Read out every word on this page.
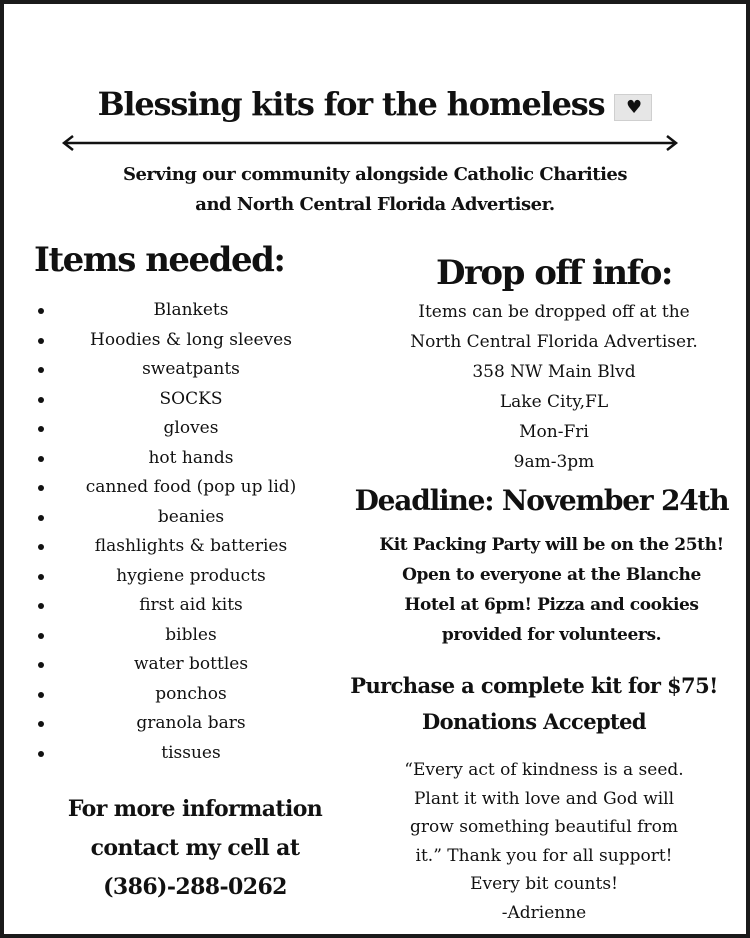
Blessing kits for the homeless ♥
Serving our community alongside Catholic Charities
and North Central Florida Advertiser.
Items needed:
Blankets
Hoodies & long sleeves
sweatpants
SOCKS
gloves
hot hands
canned food (pop up lid)
beanies
flashlights & batteries
hygiene products
first aid kits
bibles
water bottles
ponchos
granola bars
tissues
For more information
contact my cell at
(386)-288-0262
Drop off info:
Items can be dropped off at the
North Central Florida Advertiser.
358 NW Main Blvd
Lake City,FL
Mon-Fri
9am-3pm
Deadline: November 24th
Kit Packing Party will be on the 25th!
Open to everyone at the Blanche
Hotel at 6pm! Pizza and cookies
provided for volunteers.
Purchase a complete kit for $75!
Donations Accepted
“Every act of kindness is a seed.
Plant it with love and God will
grow something beautiful from
it.” Thank you for all support!
Every bit counts!
-Adrienne
